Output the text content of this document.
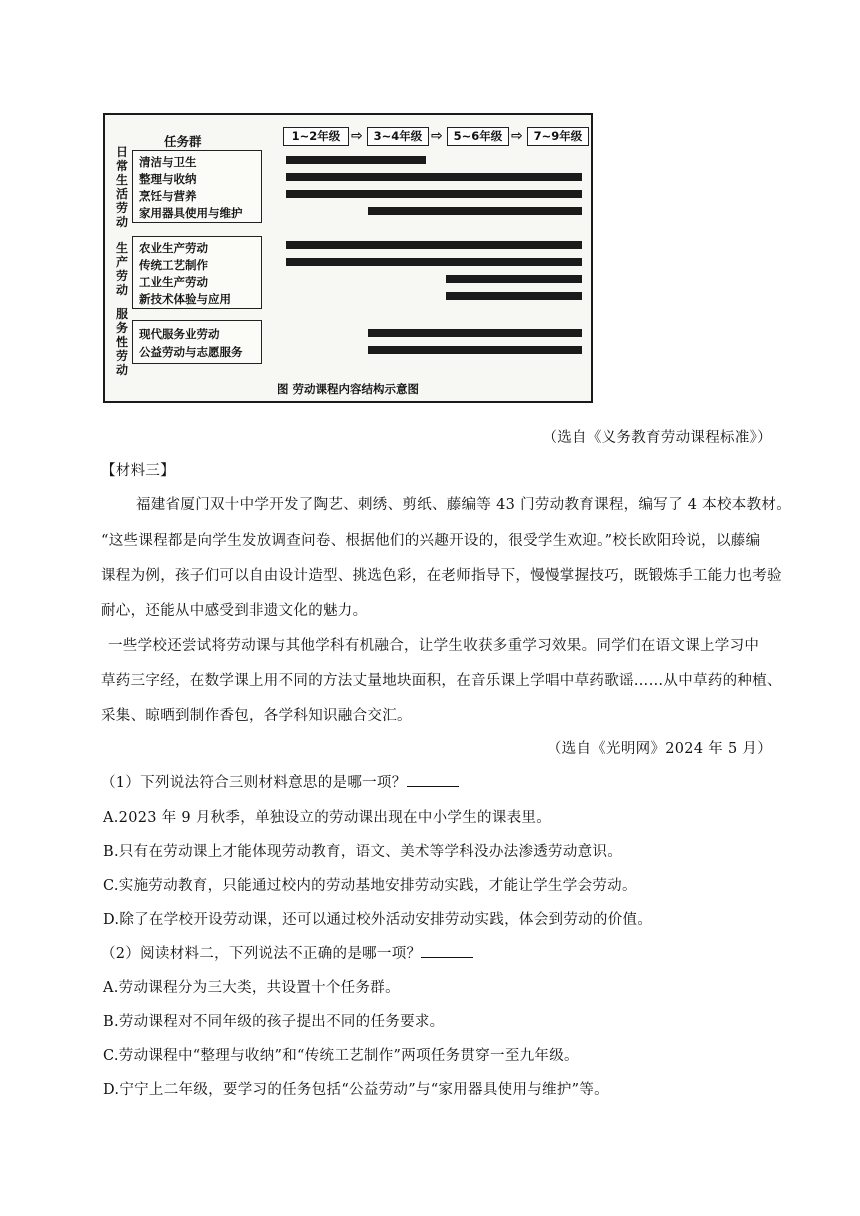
任务群	1~2年级 ⇨ 3~4年级 ⇨ 5~6年级 ⇨ 7~9年级
日常生活劳动
生产劳动
服务性劳动
清洁与卫生
整理与收纳
烹饪与营养
家用器具使用与维护
农业生产劳动
传统工艺制作
工业生产劳动
新技术体验与应用
现代服务业劳动
公益劳动与志愿服务
图 劳动课程内容结构示意图
（选自《义务教育劳动课程标准》）
【材料三】
福建省厦门双十中学开发了陶艺、刺绣、剪纸、藤编等 43 门劳动教育课程，编写了 4 本校本教材。
“这些课程都是向学生发放调查问卷、根据他们的兴趣开设的，很受学生欢迎。”校长欧阳玲说，以藤编
课程为例，孩子们可以自由设计造型、挑选色彩，在老师指导下，慢慢掌握技巧，既锻炼手工能力也考验
耐心，还能从中感受到非遗文化的魅力。
一些学校还尝试将劳动课与其他学科有机融合，让学生收获多重学习效果。同学们在语文课上学习中
草药三字经，在数学课上用不同的方法丈量地块面积，在音乐课上学唱中草药歌谣……从中草药的种植、
采集、晾晒到制作香包，各学科知识融合交汇。
（选自《光明网》2024 年 5 月）
（1）下列说法符合三则材料意思的是哪一项？
A.2023 年 9 月秋季，单独设立的劳动课出现在中小学生的课表里。
B.只有在劳动课上才能体现劳动教育，语文、美术等学科没办法渗透劳动意识。
C.实施劳动教育，只能通过校内的劳动基地安排劳动实践，才能让学生学会劳动。
D.除了在学校开设劳动课，还可以通过校外活动安排劳动实践，体会到劳动的价值。
（2）阅读材料二，下列说法不正确的是哪一项？
A.劳动课程分为三大类，共设置十个任务群。
B.劳动课程对不同年级的孩子提出不同的任务要求。
C.劳动课程中“整理与收纳”和“传统工艺制作”两项任务贯穿一至九年级。
D.宁宁上二年级，要学习的任务包括“公益劳动”与“家用器具使用与维护”等。
